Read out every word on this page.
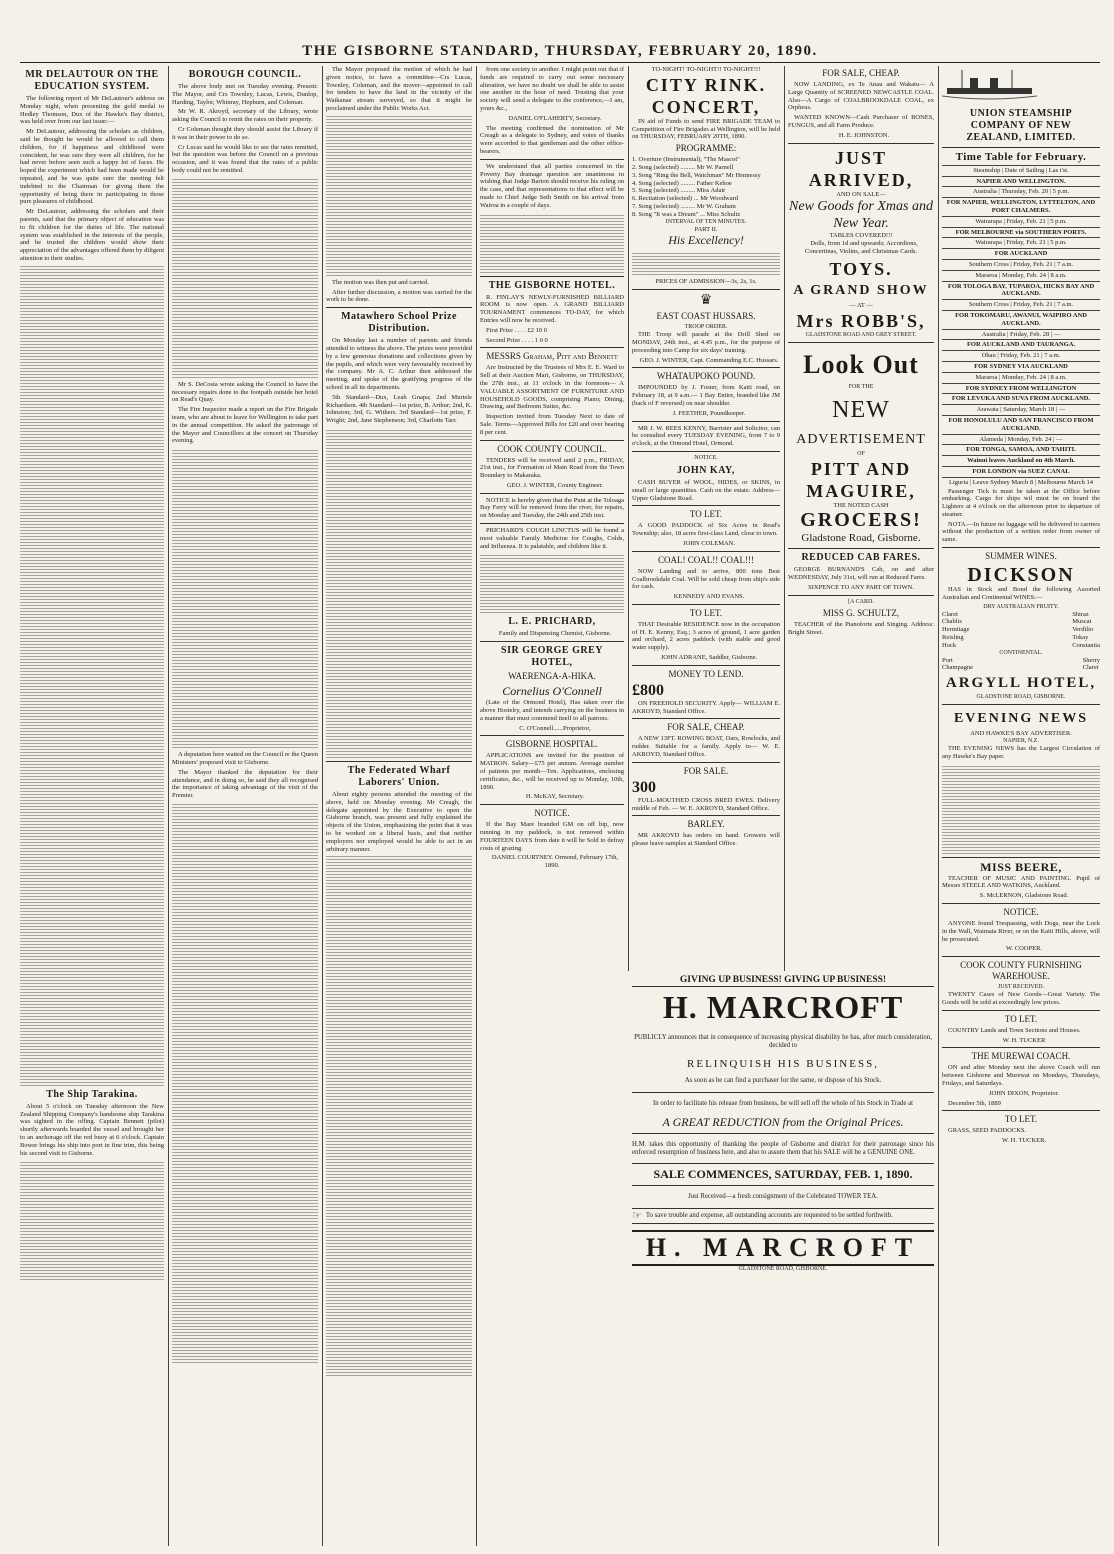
THE GISBORNE STANDARD, THURSDAY, FEBRUARY 20, 1890.
MR DELAUTOUR ON THE EDUCATION SYSTEM.

The following report of Mr DeLautour's address on Monday night, when presenting the gold medal to Hedley Thomson, Dux of the Hawke's Bay district, was held over from our last issue:—

Mr DeLautour, addressing the scholars as children, said he thought he would be allowed to call them children, for if happiness and childhood were coincident, he was sure they were all children, for he had never before seen such a happy lot of faces. He hoped the experiment which had been made would be repeated, and he was quite sure the meeting felt indebted to the Chairman for giving them the opportunity of being there in participating in those pure pleasures of childhood.

Mr DeLautour, addressing the scholars and their parents, said that the primary object of education was to fit children for the duties of life. The national system was established in the interests of the people, and he trusted the children would show their appreciation of the advantages offered them by diligent attention to their studies.

The Ship Tarakina.

About 5 o'clock on Tuesday afternoon the New Zealand Shipping Company's handsome ship Tarakina was sighted in the offing. Captain Bennett (pilot) shortly afterwards boarded the vessel and brought her to an anchorage off the red buoy at 6 o'clock. Captain Bower brings his ship into port in fine trim, this being his second visit to Gisborne.

BOROUGH COUNCIL.

The above body met on Tuesday evening. Present: The Mayor, and Crs Townley, Lucas, Lewis, Dunlop, Harding, Taylor, Whinray, Hepburn, and Coleman.

Mr W. R. Akroyd, secretary of the Library, wrote asking the Council to remit the rates on their property.

Cr Coleman thought they should assist the Library if it was in their power to do so.

Cr Lucas said he would like to see the rates remitted, but the question was before the Council on a previous occasion, and it was found that the rates of a public body could not be remitted.

Mr S. DeCosta wrote asking the Council to have the necessary repairs done to the footpath outside her hotel on Read's Quay.

The Fire Inspector made a report on the Fire Brigade team, who are about to leave for Wellington to take part in the annual competition. He asked the patronage of the Mayor and Councillors at the concert on Thursday evening.

A deputation here waited on the Council re the Queen Ministers' proposed visit to Gisborne.

The Mayor thanked the deputation for their attendance, and in doing so, he said they all recognised the importance of taking advantage of the visit of the Premier.

The Mayor proposed the motion of which he had given notice, to have a committee—Crs Lucas, Townley, Coleman, and the mover—appointed to call for tenders to have the land in the vicinity of the Waikanae stream surveyed, so that it might be proclaimed under the Public Works Act.

The motion was then put and carried.

After further discussion, a motion was carried for the work to be done.

Matawhero School Prize Distribution.

On Monday last a number of parents and friends attended to witness the above. The prizes were provided by a few generous donations and collections given by the pupils, and which were very favourably received by the company. Mr A. C. Arthur then addressed the meeting, and spoke of the gratifying progress of the school in all its departments.

5th Standard—Dux, Leah Gnapa; 2nd Muriele Richardson. 4th Standard—1st prize, B. Arthur; 2nd, K. Johnston; 3rd, G. Withers. 3rd Standard—1st prize, F. Wright; 2nd, Jane Stephenson; 3rd, Charlotte Tarr.

The Federated Wharf Laborers' Union.

About eighty persons attended the meeting of the above, held on Monday evening. Mr Creagh, the delegate appointed by the Executive to open the Gisborne branch, was present and fully explained the objects of the Union, emphasizing the point that it was to be worked on a liberal basis, and that neither employers nor employed would be able to act in an arbitrary manner.

from one society to another. I might point out that if funds are required to carry out some necessary alteration, we have no doubt we shall be able to assist one another in the hour of need. Trusting that your society will send a delegate to the conference,—I am, yours &c.,

DANIEL O'FLAHERTY, Secretary.

The meeting confirmed the nomination of Mr Creagh as a delegate to Sydney, and votes of thanks were accorded to that gentleman and the other office-bearers.

We understand that all parties concerned in the Poverty Bay drainage question are unanimous in wishing that Judge Barton should receive his ruling on the case, and that representations to that effect will be made to Chief Judge Seth Smith on his arrival from Wairoa in a couple of days.

THE GISBORNE HOTEL.

R. FINLAY'S NEWLY-FURNISHED BILLIARD ROOM is now open. A GRAND BILLIARD TOURNAMENT commences TO-DAY, for which Entries will now be received.

First Prize . . . . £2 10 0

Second Prize . . . . 1 0 0

MESSRS Graham, Pitt and Bennett

Are Instructed by the Trustees of Mrs E. E. Ward to Sell at their Auction Mart, Gisborne, on THURSDAY, the 27th inst., at 11 o'clock in the forenoon— A VALUABLE ASSORTMENT OF FURNITURE AND HOUSEHOLD GOODS, comprising Piano; Dining, Drawing, and Bedroom Suites, &c.

Inspection invited from Tuesday Next to date of Sale. Terms—Approved Bills for £20 and over bearing 8 per cent.

COOK COUNTY COUNCIL.

TENDERS will be received until 2 p.m., FRIDAY, 21st inst., for Formation of Main Road from the Town Boundary to Makaraka.

GEO. J. WINTER, County Engineer.

NOTICE is hereby given that the Punt at the Toloaga Bay Ferry will be removed from the river, for repairs, on Monday and Tuesday, the 24th and 25th inst.

PRICHARD'S COUGH LINCTUS will be found a most valuable Family Medicine for Coughs, Colds, and Influenza. It is palatable, and children like it.

L. E. PRICHARD,

Family and Dispensing Chemist, Gisborne.

SIR GEORGE GREY HOTEL,
WAERENGA-A-HIKA.
Cornelius O'Connell

(Late of the Ormond Hotel), Has taken over the above Hostelry, and intends carrying on the business in a manner that must commend itself to all patrons.

C. O'Connell......Proprietor,

GISBORNE HOSPITAL.

APPLICATIONS are invited for the position of MATRON. Salary—£75 per annum. Average number of patients per month—Ten. Applications, enclosing certificates, &c., will be received up to Monday, 10th, 1890.

H. McKAY, Secretary.

NOTICE.

If the Bay Mare branded GM on off hip, now running in my paddock, is not removed within FOURTEEN DAYS from date it will be Sold to defray costs of grazing.

DANIEL COURTNEY. Ormond, February 17th, 1890.

TO-NIGHT! TO-NIGHT!! TO-NIGHT!!!
CITY RINK.
CONCERT,

IN aid of Funds to send FIRE BRIGADE TEAM to Competition of Fire Brigades at Wellington, will be held on THURSDAY, FEBRUARY 20TH, 1890.

PROGRAMME:
1. Overture (Instrumental), "The Mascot"
2. Song (selected) ......... Mr W. Parnell
3. Song "Ring the Bell, Watchman" Mr Hennessy
4. Song (selected) ......... Father Kehoe
5. Song (selected) ......... Miss Adair
6. Recitation (selected) ... Mr Woodward
7. Song (selected) ......... Mr W. Graham
8. Song "It was a Dream" ... Miss Schultz
INTERVAL OF TEN MINUTES.
PART II.
His Excellency!
PRICES OF ADMISSION—3s, 2s, 1s.
♛
EAST COAST HUSSARS.
TROOP ORDER.

THE Troop will parade at the Drill Shed on MONDAY, 24th inst., at 4.45 p.m., for the purpose of proceeding into Camp for six days' training.

GEO. J. WINTER, Capt. Commanding E.C. Hussars.

WHATAUPOKO POUND.

IMPOUNDED by J. Foster, from Kaiti road, on February 18, at 9 a.m.— 1 Bay Entire, branded like JM (back of F reversed) on near shoulder.

J. FEETHER, Poundkeeper.

MR J. W. REES KENNY, Barrister and Solicitor, can be consulted every TUESDAY EVENING, from 7 to 9 o'clock, at the Ormond Hotel, Ormond.

NOTICE.
JOHN KAY,

CASH BUYER of WOOL, HIDES, or SKINS, in small or large quantities. Cash on the estate. Address—Upper Gladstone Road.

TO LET.

A GOOD PADDOCK of Six Acres in Read's Township; also, 18 acres first-class Land, close to town.

JOHN COLEMAN.

COAL! COAL!! COAL!!!

NOW Landing and to arrive, 800 tons Best Coalbrookdale Coal. Will be sold cheap from ship's side for cash.

KENNEDY AND EVANS.

TO LET.

THAT Desirable RESIDENCE now in the occupation of H. E. Kenny, Esq.; 3 acres of ground, 1 acre garden and orchard, 2 acres paddock (with stable and good water supply).

JOHN ADRANE, Saddler, Gisborne.

MONEY TO LEND.
£800

ON FREEHOLD SECURITY. Apply— WILLIAM E. AKROYD, Standard Office.

FOR SALE, CHEAP.

A NEW 13FT. ROWING BOAT, Oars, Rowlocks, and rudder. Suitable for a family. Apply to— W. E. AKROYD, Standard Office.

FOR SALE.
300

FULL-MOUTHED CROSS BRED EWES. Delivery middle of Feb. — W. E. AKROYD, Standard Office.

BARLEY.

MR AKROYD has orders on hand. Growers will please leave samples at Standard Office.

FOR SALE, CHEAP.

NOW LANDING, ex Te Anau and Wakatu— A Large Quantity of SCREENED NEWCASTLE COAL. Also—A Cargo of COALBROOKDALE COAL, ex Orpheus.

WANTED KNOWN—Cash Purchaser of BONES, FUNGUS, and all Farm Produce.

H. E. JOHNSTON.

JUST ARRIVED,
AND ON SALE—
New Goods for Xmas and New Year.
TABLES COVERED!!!

Dolls, from 1d and upwards; Accordions, Concertinas, Violins, and Christmas Cards.

TOYS.
A GRAND SHOW
— AT —
Mrs ROBB'S,
GLADSTONE ROAD AND GREY STREET.
Look Out
FOR THE
NEW
ADVERTISEMENT
OF
PITT AND MAGUIRE,
THE NOTED CASH
GROCERS!
Gladstone Road, Gisborne.
REDUCED CAB FARES.

GEORGE BURNAND'S Cab, on and after WEDNESDAY, July 31st, will run at Reduced Fares.

SIXPENCE TO ANY PART OF TOWN.
[A CARD.
MISS G. SCHULTZ,

TEACHER of the Pianoforte and Singing. Address: Bright Street.

GIVING UP BUSINESS! GIVING UP BUSINESS!
H. MARCROFT

PUBLICLY announces that in consequence of increasing physical disability he has, after much consideration, decided to

RELINQUISH HIS BUSINESS,

As soon as he can find a purchaser for the same, or dispose of his Stock.

In order to facilitate his release from business, he will sell off the whole of his Stock in Trade at

A GREAT REDUCTION from the Original Prices.

H.M. takes this opportunity of thanking the people of Gisborne and district for their patronage since his enforced resumption of business here, and also to assure them that his SALE will be a GENUINE ONE.

SALE COMMENCES, SATURDAY, FEB. 1, 1890.

Just Received—a fresh consignment of the Celebrated TOWER TEA.

☞ To save trouble and expense, all outstanding accounts are requested to be settled forthwith.
H. MARCROFT
GLADSTONE ROAD, GISBORNE.
UNION STEAMSHIP COMPANY OF NEW ZEALAND, LIMITED.
Time Table for February.
Steamship | Date of Sailing | Las t'st.
NAPIER AND WELLINGTON.
Australia | Thursday, Feb. 20 | 5 p.m.
FOR NAPIER, WELLINGTON, LYTTELTON, AND PORT CHALMERS.
Wairarapa | Friday, Feb. 21 | 5 p.m.
FOR MELBOURNE via SOUTHERN PORTS.
Wairarapa | Friday, Feb. 21 | 5 p.m.
FOR AUCKLAND
Southern Cross | Friday, Feb. 21 | 7 a.m.
Mararoa | Monday, Feb. 24 | 8 a.m.
FOR TOLOGA BAY, TUPAROA, HICKS BAY AND AUCKLAND.
Southern Cross | Friday, Feb. 21 | 7 a.m.
FOR TOKOMARU, AWANUI, WAIPIRO AND AUCKLAND.
Australia | Friday, Feb. 28 | —
FOR AUCKLAND AND TAURANGA.
Ohau | Friday, Feb. 21 | 7 a.m.
FOR SYDNEY VIA AUCKLAND
Mararoa | Monday, Feb. 24 | 8 a.m.
FOR SYDNEY FROM WELLINGTON
FOR LEVUKA AND SUVA FROM AUCKLAND.
Arawata | Saturday, March 18 | —
FOR HONOLULU AND SAN FRANCISCO FROM AUCKLAND.
Alameda | Monday, Feb. 24 | —
FOR TONGA, SAMOA, AND TAHITI.
Wainui leaves Auckland on 4th March.
FOR LONDON via SUEZ CANAL
Liguria | Leave Sydney March 8 | Melbourne March 14

Passenger Tick ts must be taken at the Office before embarking. Cargo for ships wil must be on board the Lighters at 4 o'clock on the afternoon prior to departure of steamer.

NOTA.—In future no luggage will be delivered to carriers without the production of a written order from owner of same.

SUMMER WINES.
DICKSON

HAS in Stock and Bond the following Assorted Australian and Continental WINES:—

DRY AUSTRALIAN FRUITY.
Claret
Chablis
Hermitage
Reisling
Hock
Shiraz
Muscat
Verdilio
Tokay
Constantia
CONTINENTAL.
Port
Champagne
Sherry
Claret
ARGYLL HOTEL,
GLADSTONE ROAD, GISBORNE.
EVENING NEWS
AND HAWKE'S BAY ADVERTISER.
NAPIER, N.Z.

THE EVENING NEWS has the Largest Circulation of any Hawke's Bay paper.

MISS BEERE,

TEACHER OF MUSIC AND PAINTING. Pupil of Messrs STEELE AND WATKINS, Auckland.

S. McLERNON, Gladstone Road.

NOTICE.

ANYONE found Trespassing, with Dogs, near the Lock in the Wall, Waimata River, or on the Kaiti Hills, above, will be prosecuted.

W. COOPER.

COOK COUNTY FURNISHING WAREHOUSE.
JUST RECEIVED.

TWENTY Cases of New Goods—Great Variety. The Goods will be sold at exceedingly low prices.

TO LET.

COUNTRY Lands and Town Sections and Houses.

W. H. TUCKER

THE MUREWAI COACH.

ON and after Monday next the above Coach will run between Gisborne and Murewai on Mondays, Thursdays, Fridays, and Saturdays.

JOHN DIXON, Proprietor.

December 5th, 1889

TO LET.

GRASS, SEED PADDOCKS.

W. H. TUCKER.
